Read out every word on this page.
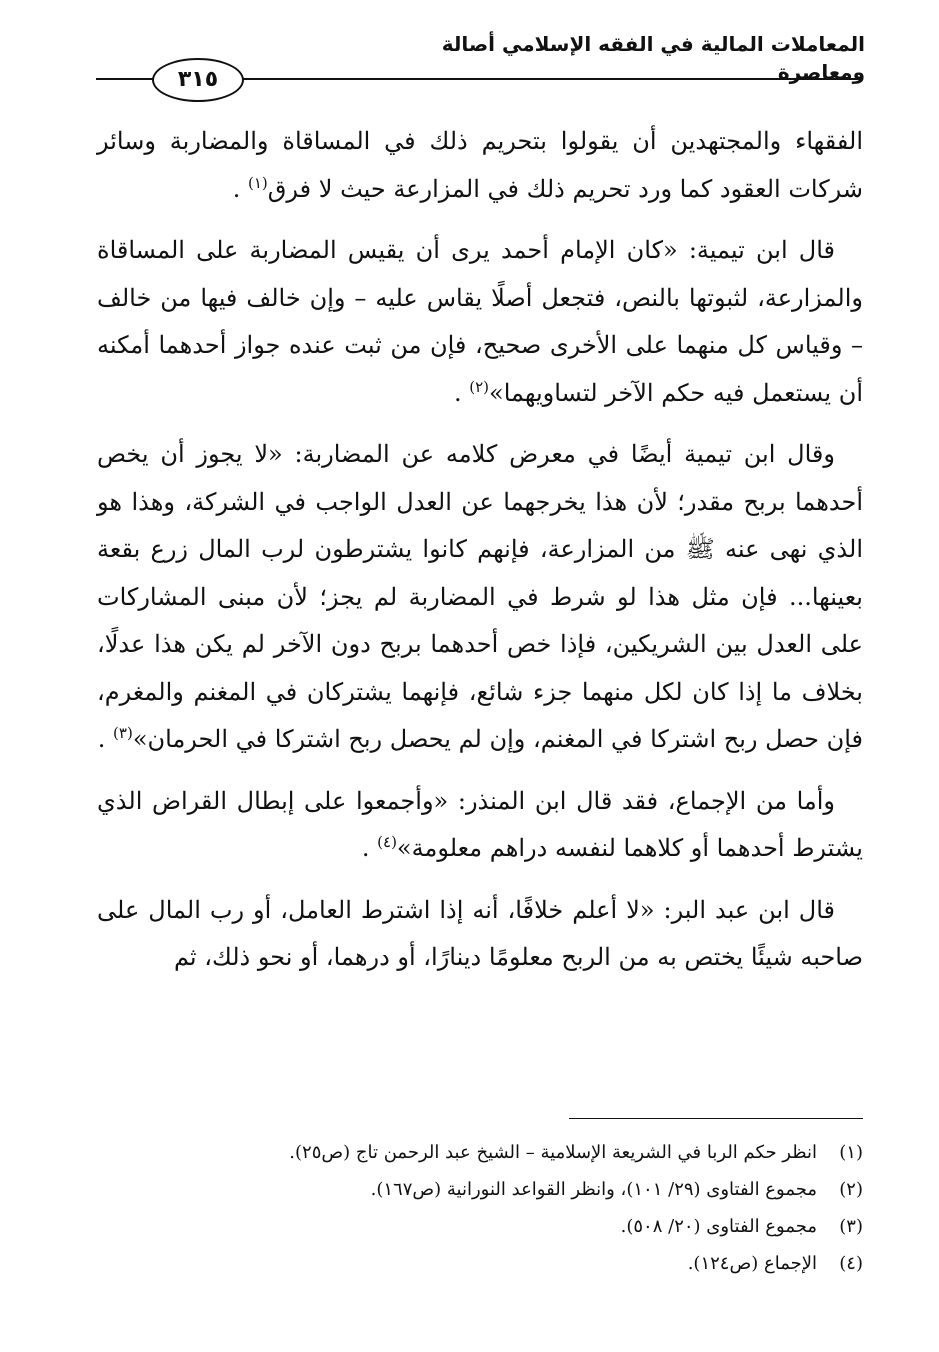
المعاملات المالية في الفقه الإسلامي أصالة ومعاصرة
٣١٥

الفقهاء والمجتهدين أن يقولوا بتحريم ذلك في المساقاة والمضاربة وسائر شركات العقود كما ورد تحريم ذلك في المزارعة حيث لا فرق$^{(١)}$ .

قال ابن تيمية: «كان الإمام أحمد يرى أن يقيس المضاربة على المساقاة والمزارعة، لثبوتها بالنص، فتجعل أصلًا يقاس عليه – وإن خالف فيها من خالف – وقياس كل منهما على الأخرى صحيح، فإن من ثبت عنده جواز أحدهما أمكنه أن يستعمل فيه حكم الآخر لتساويهما»$^{(٢)}$ .

وقال ابن تيمية أيضًا في معرض كلامه عن المضاربة: «لا يجوز أن يخص أحدهما بربح مقدر؛ لأن هذا يخرجهما عن العدل الواجب في الشركة، وهذا هو الذي نهى عنه ﷺ من المزارعة، فإنهم كانوا يشترطون لرب المال زرع بقعة بعينها... فإن مثل هذا لو شرط في المضاربة لم يجز؛ لأن مبنى المشاركات على العدل بين الشريكين، فإذا خص أحدهما بربح دون الآخر لم يكن هذا عدلًا، بخلاف ما إذا كان لكل منهما جزء شائع، فإنهما يشتركان في المغنم والمغرم، فإن حصل ربح اشتركا في المغنم، وإن لم يحصل ربح اشتركا في الحرمان»$^{(٣)}$ .

وأما من الإجماع، فقد قال ابن المنذر: «وأجمعوا على إبطال القراض الذي يشترط أحدهما أو كلاهما لنفسه دراهم معلومة»$^{(٤)}$ .

قال ابن عبد البر: «لا أعلم خلافًا، أنه إذا اشترط العامل، أو رب المال على صاحبه شيئًا يختص به من الربح معلومًا دينارًا، أو درهما، أو نحو ذلك، ثم

(١)انظر حكم الربا في الشريعة الإسلامية – الشيخ عبد الرحمن تاج (ص٢٥).
(٢)مجموع الفتاوى (٢٩/ ١٠١)، وانظر القواعد النورانية (ص١٦٧).
(٣)مجموع الفتاوى (٢٠/ ٥٠٨).
(٤)الإجماع (ص١٢٤).
